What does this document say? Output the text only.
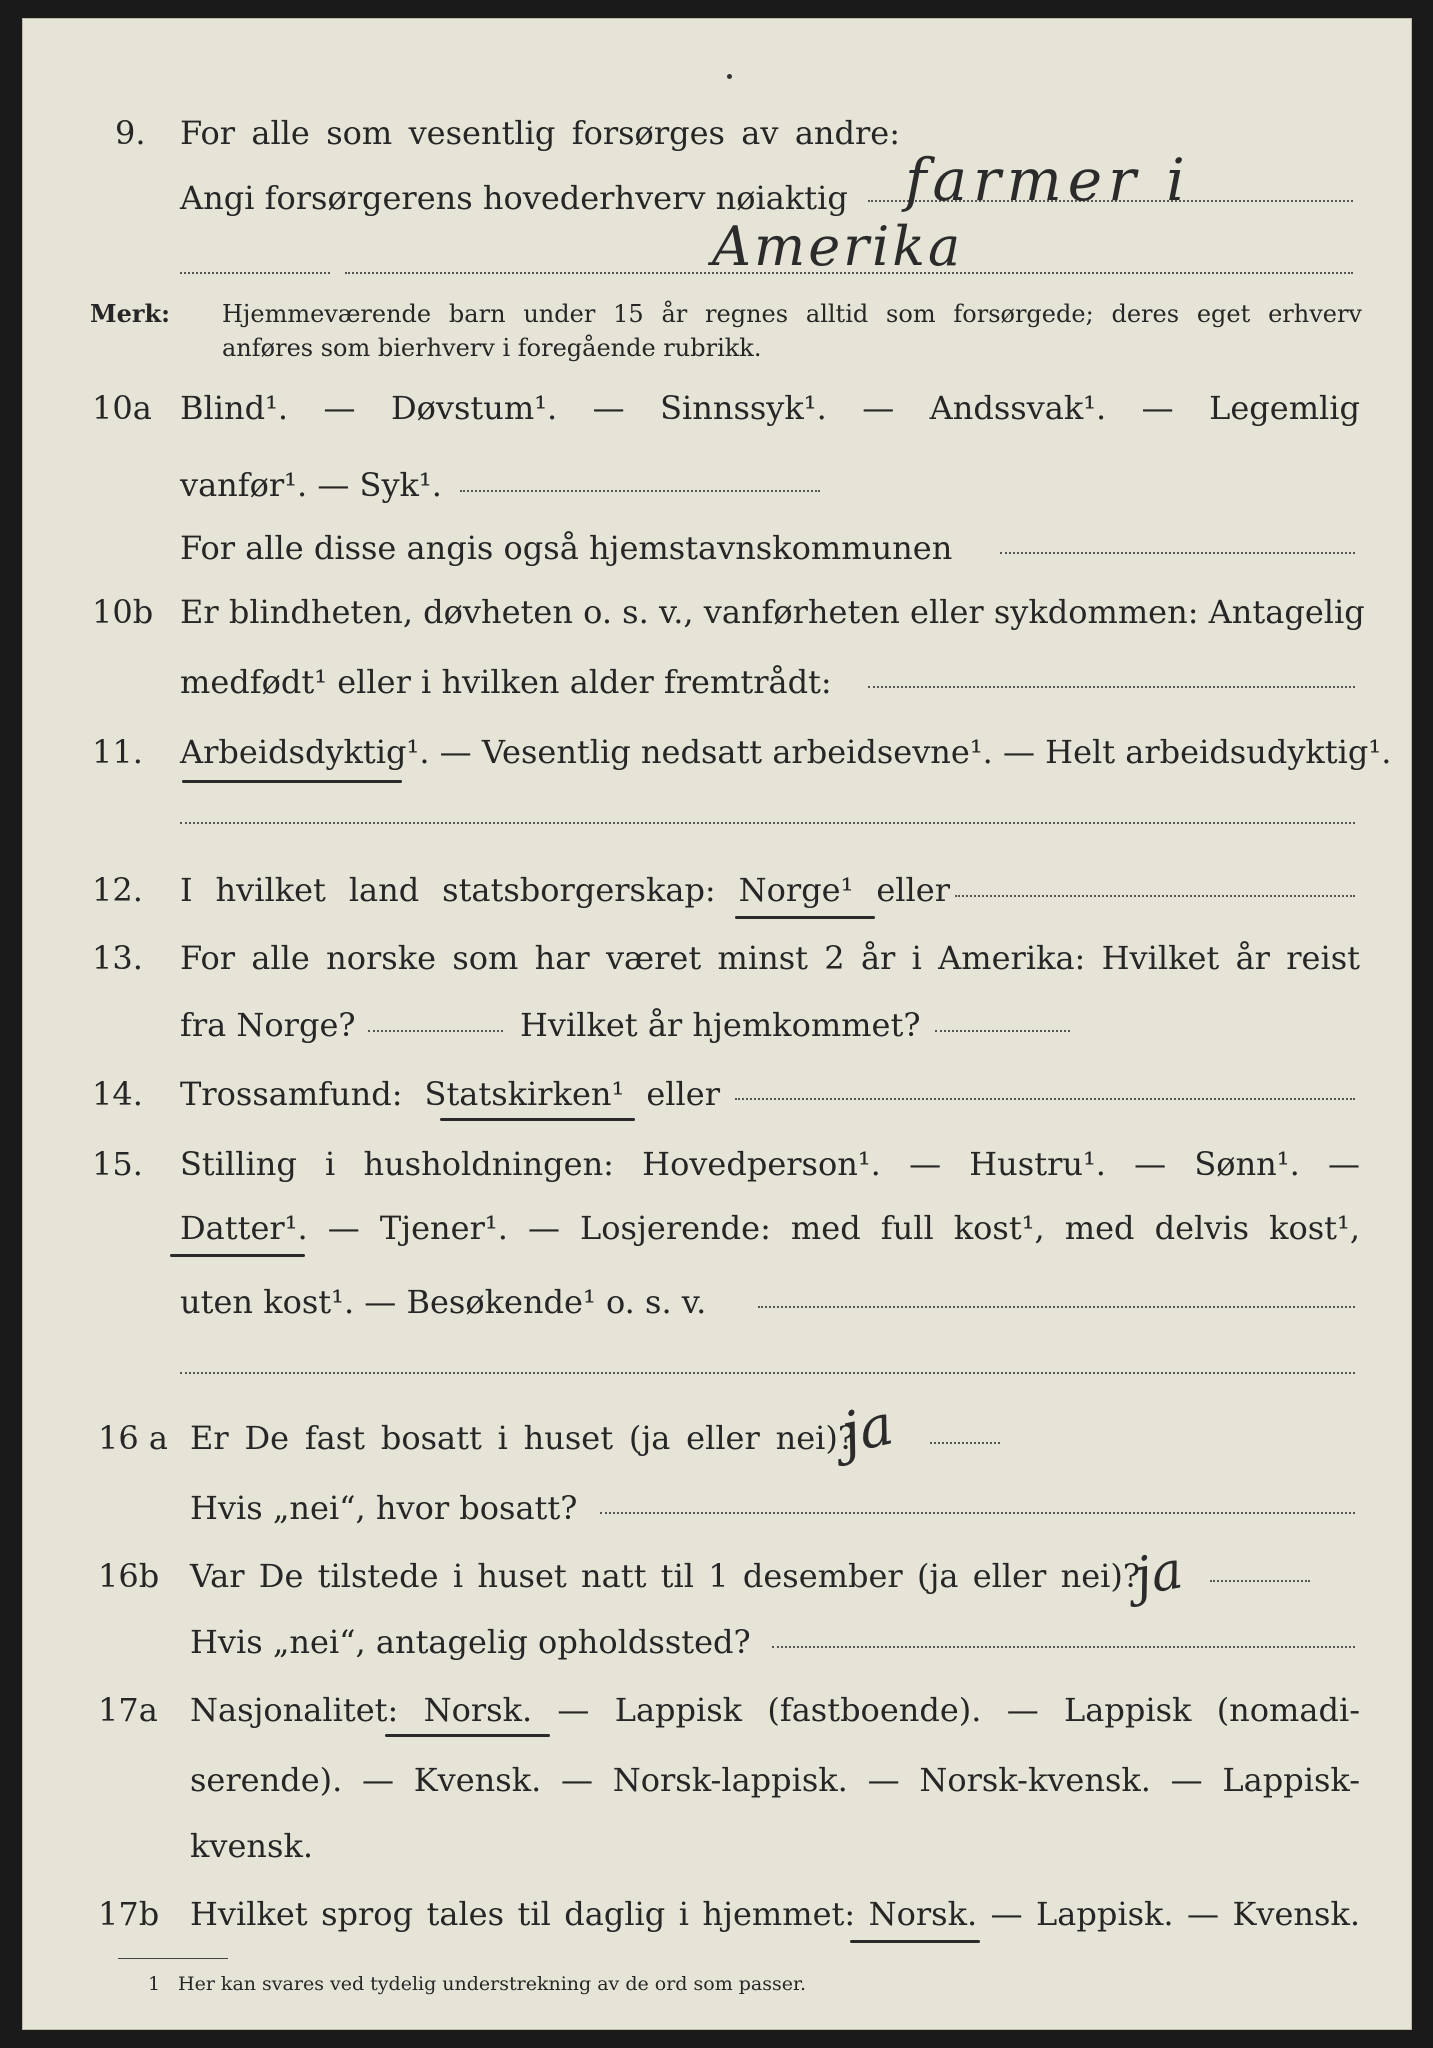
9. For alle som vesentlig forsørges av andre:
Angi forsørgerens hovederhverv nøiaktig farmer i
Amerika
Merk: Hjemmeværende barn under 15 år regnes alltid som forsørgede; deres eget erhverv
anføres som bierhverv i foregående rubrikk.
10a Blind¹. — Døvstum¹. — Sinnssyk¹. — Andssvak¹. — Legemlig
vanfør¹. — Syk¹.
For alle disse angis også hjemstavnskommunen
10b Er blindheten, døvheten o. s. v., vanførheten eller sykdommen: Antagelig
medfødt¹ eller i hvilken alder fremtrådt:
11. Arbeidsdyktig¹. — Vesentlig nedsatt arbeidsevne¹. — Helt arbeidsudyktig¹.
12. I hvilket land statsborgerskap: Norge¹ eller
13. For alle norske som har været minst 2 år i Amerika: Hvilket år reist
fra Norge?	Hvilket år hjemkommet?
14. Trossamfund: Statskirken¹ eller
15. Stilling i husholdningen: Hovedperson¹. — Hustru¹. — Sønn¹. —
Datter¹. — Tjener¹. — Losjerende: med full kost¹, med delvis kost¹,
uten kost¹. — Besøkende¹ o. s. v.
16 a Er De fast bosatt i huset (ja eller nei)?
ja
Hvis „nei“, hvor bosatt?
16b Var De tilstede i huset natt til 1 desember (ja eller nei)?
ja
Hvis „nei“, antagelig opholdssted?
17a Nasjonalitet: Norsk. — Lappisk (fastboende). — Lappisk (nomadi-
serende). — Kvensk. — Norsk-lappisk. — Norsk-kvensk. — Lappisk-
kvensk.
17b Hvilket sprog tales til daglig i hjemmet: Norsk. — Lappisk. — Kvensk.
1 Her kan svares ved tydelig understrekning av de ord som passer.
